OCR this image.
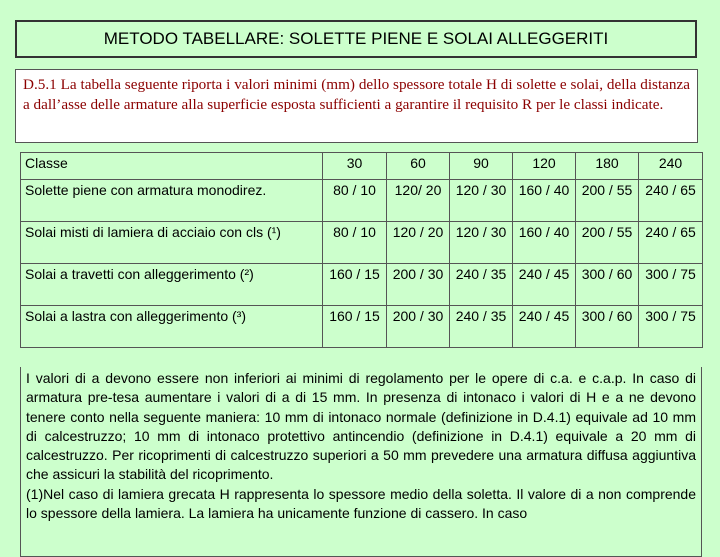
METODO TABELLARE: SOLETTE PIENE E SOLAI ALLEGGERITI
D.5.1 La tabella seguente riporta i valori minimi (mm) dello spessore totale H di solette e solai, della distanza a dall’asse delle armature alla superficie esposta sufficienti a garantire il requisito R per le classi indicate.
Classe	30	60	90	120	180	240
Solette piene con armatura monodirez.	80 / 10	120/ 20	120 / 30	160 / 40	200 / 55	240 / 65
Solai misti di lamiera di acciaio con cls (¹)	80 / 10	120 / 20	120 / 30	160 / 40	200 / 55	240 / 65
Solai a travetti con alleggerimento (²)	160 / 15	200 / 30	240 / 35	240 / 45	300 / 60	300 / 75
Solai a lastra con alleggerimento (³)	160 / 15	200 / 30	240 / 35	240 / 45	300 / 60	300 / 75

I valori di a devono essere non inferiori ai minimi di regolamento per le opere di c.a. e c.a.p. In caso di armatura pre-tesa aumentare i valori di a di 15 mm. In presenza di intonaco i valori di H e a ne devono tenere conto nella seguente maniera: 10 mm di intonaco normale (definizione in D.4.1) equivale ad 10 mm di calcestruzzo; 10 mm di intonaco protettivo antincendio (definizione in D.4.1) equivale a 20 mm di calcestruzzo. Per ricoprimenti di calcestruzzo superiori a 50 mm prevedere una armatura diffusa aggiuntiva che assicuri la stabilità del ricoprimento.

(1)Nel caso di lamiera grecata H rappresenta lo spessore medio della soletta. Il valore di a non comprende lo spessore della lamiera. La lamiera ha unicamente funzione di cassero. In caso
